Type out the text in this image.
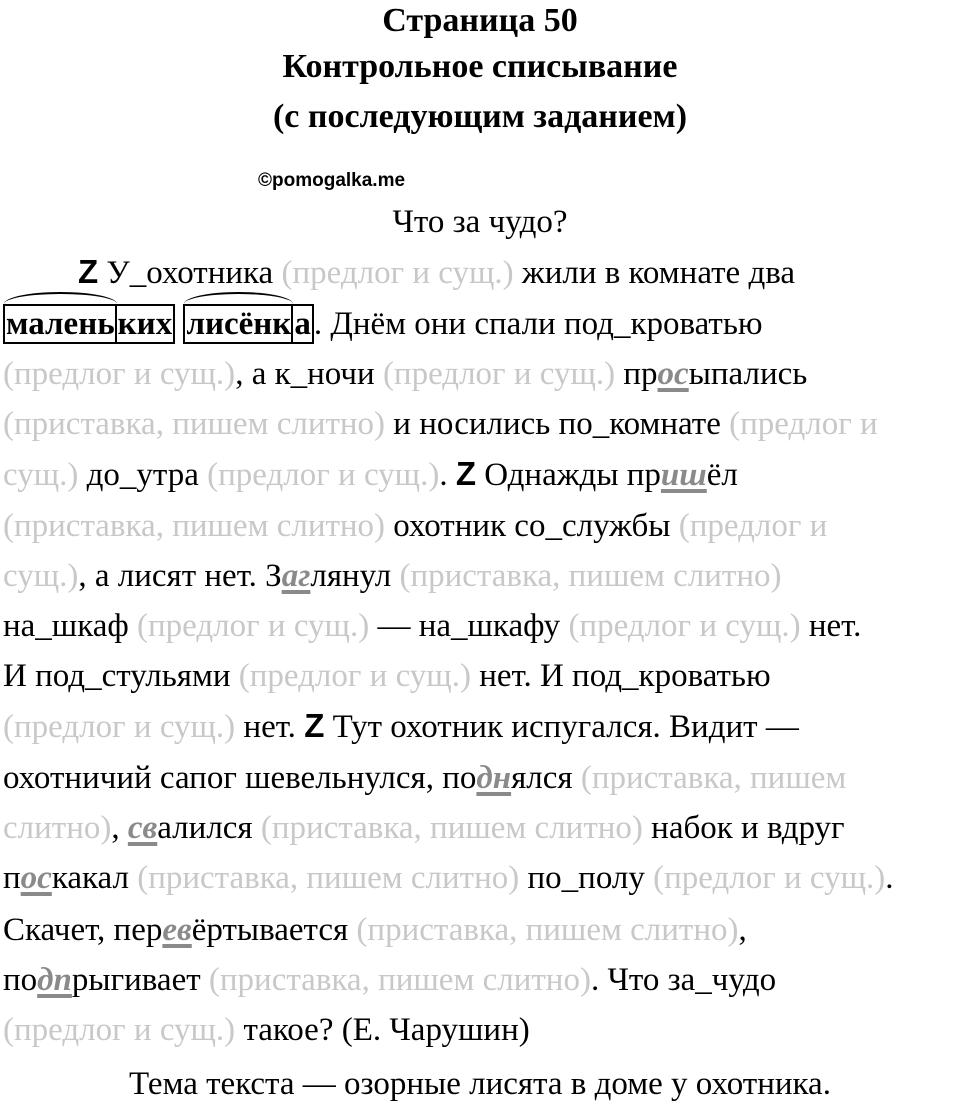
Страница 50
Контрольное списывание
(с последующим заданием)
©pomogalka.me
Что за чудо?
Z У_охотника (предлог и сущ.) жили в комнате два
маленьких лисёнка. Днём они спали под_кроватью
(предлог и сущ.), а к_ночи (предлог и сущ.) просыпались
(приставка, пишем слитно) и носились по_комнате (предлог и
сущ.) до_утра (предлог и сущ.). Z Однажды пришёл
(приставка, пишем слитно) охотник со_службы (предлог и
сущ.), а лисят нет. Заглянул (приставка, пишем слитно)
на_шкаф (предлог и сущ.) — на_шкафу (предлог и сущ.) нет.
И под_стульями (предлог и сущ.) нет. И под_кроватью
(предлог и сущ.) нет. Z Тут охотник испугался. Видит —
охотничий сапог шевельнулся, поднялся (приставка, пишем
слитно), свалился (приставка, пишем слитно) набок и вдруг
поскакал (приставка, пишем слитно) по_полу (предлог и сущ.).
Скачет, перевёртывается (приставка, пишем слитно),
подпрыгивает (приставка, пишем слитно). Что за_чудо
(предлог и сущ.) такое? (Е. Чарушин)
Тема текста — озорные лисята в доме у охотника.
